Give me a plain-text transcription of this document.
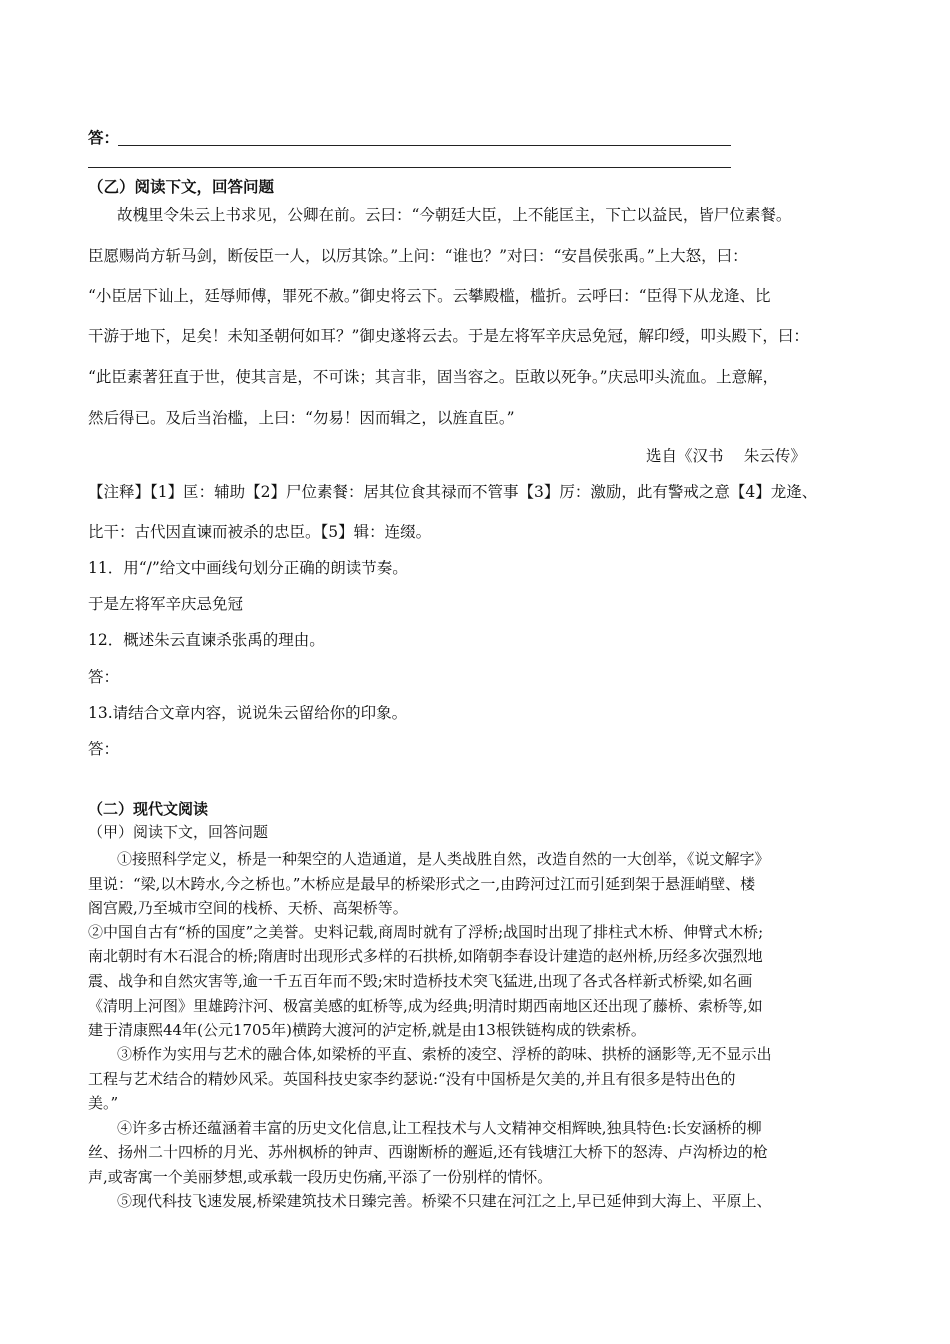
答：
（乙）阅读下文，回答问题
故槐里令朱云上书求见，公卿在前。云曰：“今朝廷大臣，上不能匡主，下亡以益民，皆尸位素餐。
臣愿赐尚方斩马剑，断佞臣一人，以厉其馀。”上问：“谁也？”对曰：“安昌侯张禹。”上大怒，曰：
“小臣居下讪上，廷辱师傅，罪死不赦。”御史将云下。云攀殿槛，槛折。云呼曰：“臣得下从龙逄、比
干游于地下，足矣！未知圣朝何如耳？”御史遂将云去。于是左将军辛庆忌免冠，解印绶，叩头殿下，曰：
“此臣素著狂直于世，使其言是，不可诛；其言非，固当容之。臣敢以死争。”庆忌叩头流血。上意解，
然后得已。及后当治槛，上曰：“勿易！因而辑之，以旌直臣。”
选自《汉书　 朱云传》
【注释】【1】匡：辅助【2】尸位素餐：居其位食其禄而不管事【3】厉：激励，此有警戒之意【4】龙逄、
比干：古代因直谏而被杀的忠臣。【5】辑：连缀。
11．用“/”给文中画线句划分正确的朗读节奏。
于是左将军辛庆忌免冠
12．概述朱云直谏杀张禹的理由。
答：
13.请结合文章内容，说说朱云留给你的印象。
答：
（二）现代文阅读
（甲）阅读下文，回答问题
①接照科学定义，桥是一种架空的人造通道，是人类战胜自然，改造自然的一大创举，《说文解字》
里说：“梁,以木跨水,今之桥也。”木桥应是最早的桥梁形式之一,由跨河过江而引延到架于悬涯峭壁、楼
阁宫殿,乃至城市空间的栈桥、天桥、高架桥等。
②中国自古有“桥的国度”之美誉。史料记载,商周时就有了浮桥;战国时出现了排柱式木桥、伸臂式木桥;
南北朝时有木石混合的桥;隋唐时出现形式多样的石拱桥,如隋朝李春设计建造的赵州桥,历经多次强烈地
震、战争和自然灾害等,逾一千五百年而不毁;宋时造桥技术突飞猛进,出现了各式各样新式桥梁,如名画
《清明上河图》里雄跨汴河、极富美感的虹桥等,成为经典;明清时期西南地区还出现了藤桥、索桥等,如
建于清康熙44年(公元1705年)横跨大渡河的泸定桥,就是由13根铁链构成的铁索桥。
③桥作为实用与艺术的融合体,如梁桥的平直、索桥的凌空、浮桥的韵味、拱桥的涵影等,无不显示出
工程与艺术结合的精妙风采。英国科技史家李约瑟说:“没有中国桥是欠美的,并且有很多是特出色的
美。”
④许多古桥还蕴涵着丰富的历史文化信息,让工程技术与人文精神交相辉映,独具特色:长安涵桥的柳
丝、扬州二十四桥的月光、苏州枫桥的钟声、西谢断桥的邂逅,还有钱塘江大桥下的怒涛、卢沟桥边的枪
声,或寄寓一个美丽梦想,或承载一段历史伤痛,平添了一份别样的情怀。
⑤现代科技飞速发展,桥梁建筑技术日臻完善。桥梁不只建在河江之上,早已延伸到大海上、平原上、
